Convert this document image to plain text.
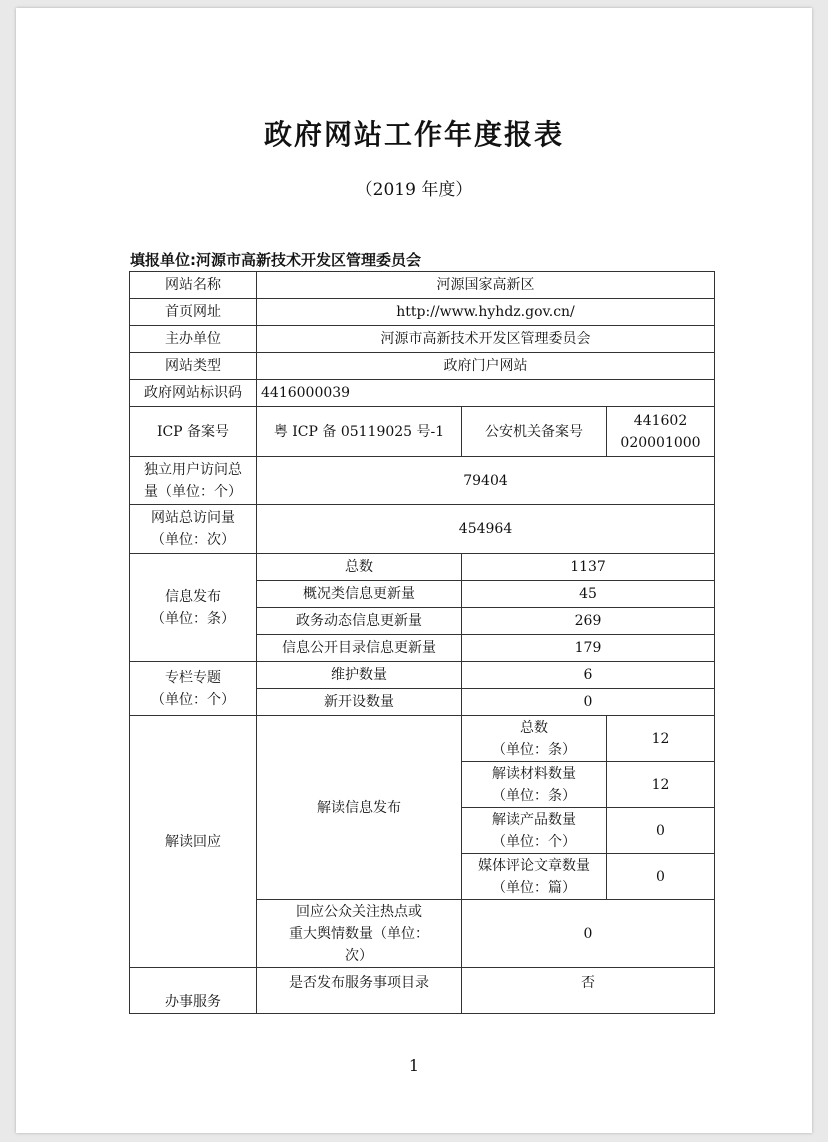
政府网站工作年度报表
（2019 年度）
填报单位:河源市高新技术开发区管理委员会
网站名称	河源国家高新区		
首页网址	http://www.hyhdz.gov.cn/		
主办单位	河源市高新技术开发区管理委员会		
网站类型	政府门户网站		
政府网站标识码	4416000039		
ICP 备案号	粤 ICP 备 05119025 号-1	公安机关备案号	441602
020001000

独立用户访问总
量（单位：个）	79404		

网站总访问量
（单位：次）	454964		

信息发布
（单位：条）	总数	1137	
	概况类信息更新量	45	
	政务动态信息更新量	269	
	信息公开目录信息更新量	179	

专栏专题
（单位：个）	维护数量	6	
	新开设数量	0	
解读回应	解读信息发布	总数
（单位：条）	12

		解读材料数量
（单位：条）	12

		解读产品数量
（单位：个）	0

		媒体评论文章数量
（单位：篇）	0

	回应公众关注热点或
重大舆情数量（单位：
次）	0	
办事服务	是否发布服务事项目录	否	
1
